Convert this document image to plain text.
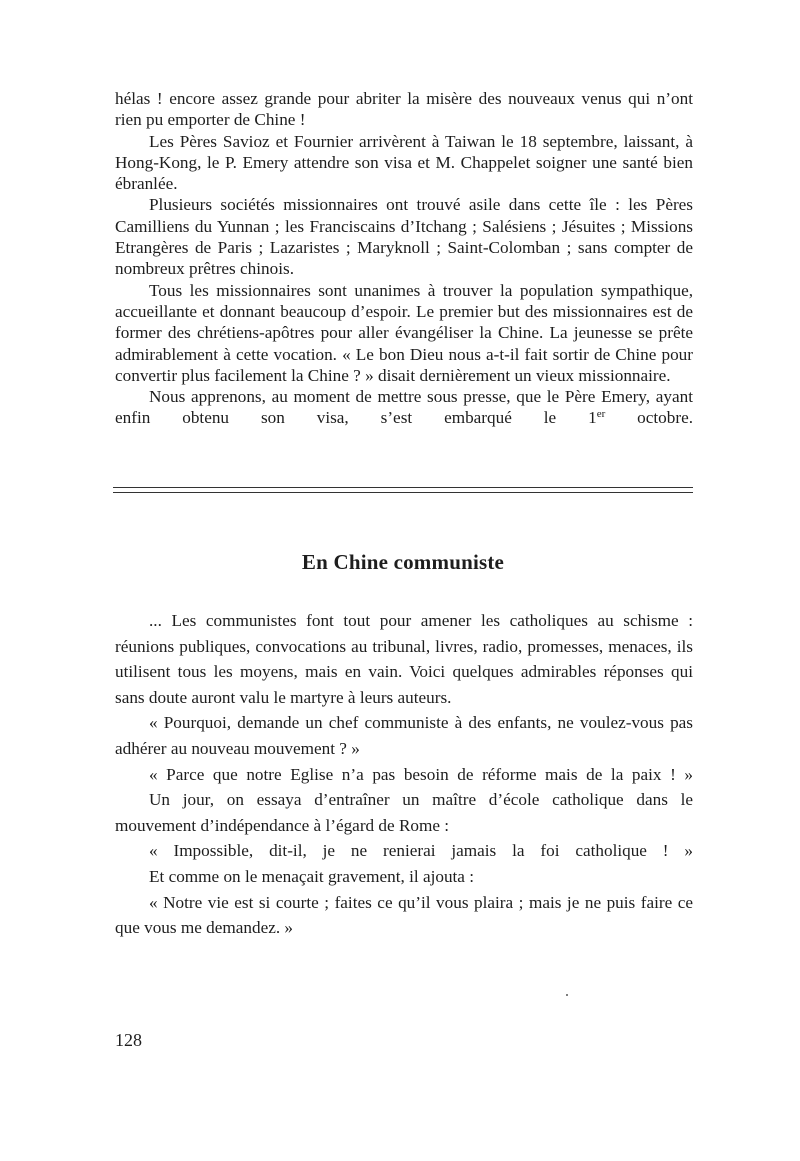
hélas ! encore assez grande pour abriter la misère des nouveaux venus qui n’ont rien pu emporter de Chine !

Les Pères Savioz et Fournier arrivèrent à Taiwan le 18 septembre, laissant, à Hong-Kong, le P. Emery attendre son visa et M. Chappelet soigner une santé bien ébranlée.

Plusieurs sociétés missionnaires ont trouvé asile dans cette île : les Pères Camilliens du Yunnan ; les Franciscains d’Itchang ; Salésiens ; Jésuites ; Missions Etrangères de Paris ; Lazaristes ; Maryknoll ; Saint-Colomban ; sans compter de nombreux prêtres chinois.

Tous les missionnaires sont unanimes à trouver la population sympathique, accueillante et donnant beaucoup d’espoir. Le premier but des missionnaires est de former des chrétiens-apôtres pour aller évangéliser la Chine. La jeunesse se prête admirablement à cette vocation. « Le bon Dieu nous a-t-il fait sortir de Chine pour convertir plus facilement la Chine ? » disait dernièrement un vieux missionnaire.

Nous apprenons, au moment de mettre sous presse, que le Père Emery, ayant enfin obtenu son visa, s’est embarqué le 1er octobre.

En Chine communiste

... Les communistes font tout pour amener les catholiques au schisme : réunions publiques, convocations au tribunal, livres, radio, promesses, menaces, ils utilisent tous les moyens, mais en vain. Voici quelques admirables réponses qui sans doute auront valu le martyre à leurs auteurs.

« Pourquoi, demande un chef communiste à des enfants, ne voulez-vous pas adhérer au nouveau mouvement ? »

« Parce que notre Eglise n’a pas besoin de réforme mais de la paix ! »

Un jour, on essaya d’entraîner un maître d’école catholique dans le mouvement d’indépendance à l’égard de Rome :

« Impossible, dit-il, je ne renierai jamais la foi catholique ! »

Et comme on le menaçait gravement, il ajouta :

« Notre vie est si courte ; faites ce qu’il vous plaira ; mais je ne puis faire ce que vous me demandez. »

128
